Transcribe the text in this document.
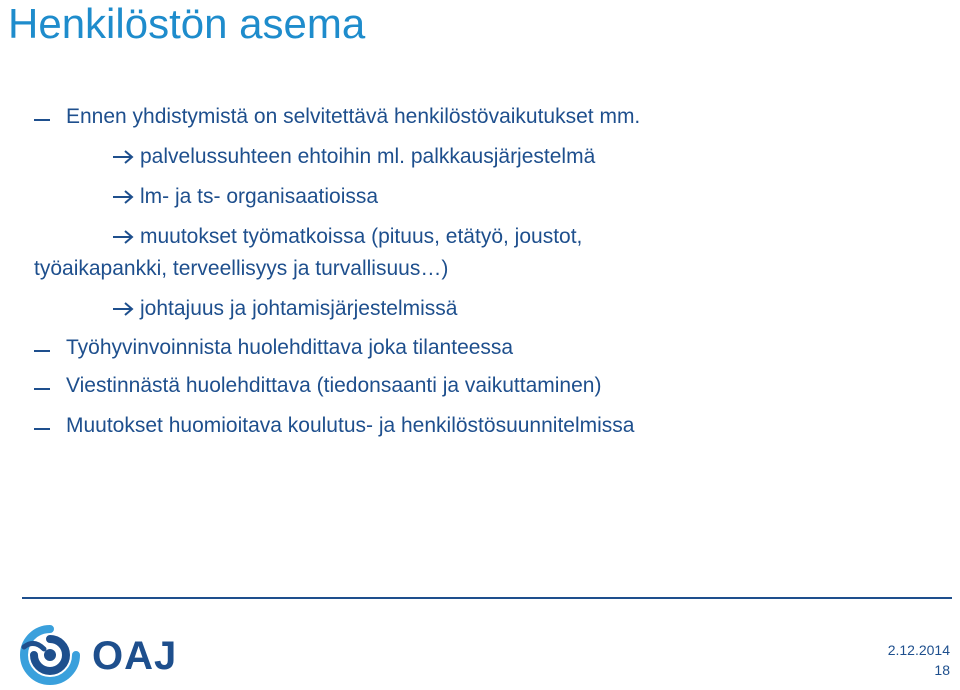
Henkilöstön asema
Ennen yhdistymistä on selvitettävä henkilöstövaikutukset mm.
palvelussuhteen ehtoihin ml. palkkausjärjestelmä
lm- ja ts- organisaatioissa
muutokset työmatkoissa (pituus, etätyö, joustot,
työaikapankki, terveellisyys ja turvallisuus…)
johtajuus ja johtamisjärjestelmissä
Työhyvinvoinnista huolehdittava joka tilanteessa
Viestinnästä huolehdittava (tiedonsaanti ja vaikuttaminen)
Muutokset huomioitava koulutus- ja henkilöstösuunnitelmissa
OAJ	2.12.2014
18
